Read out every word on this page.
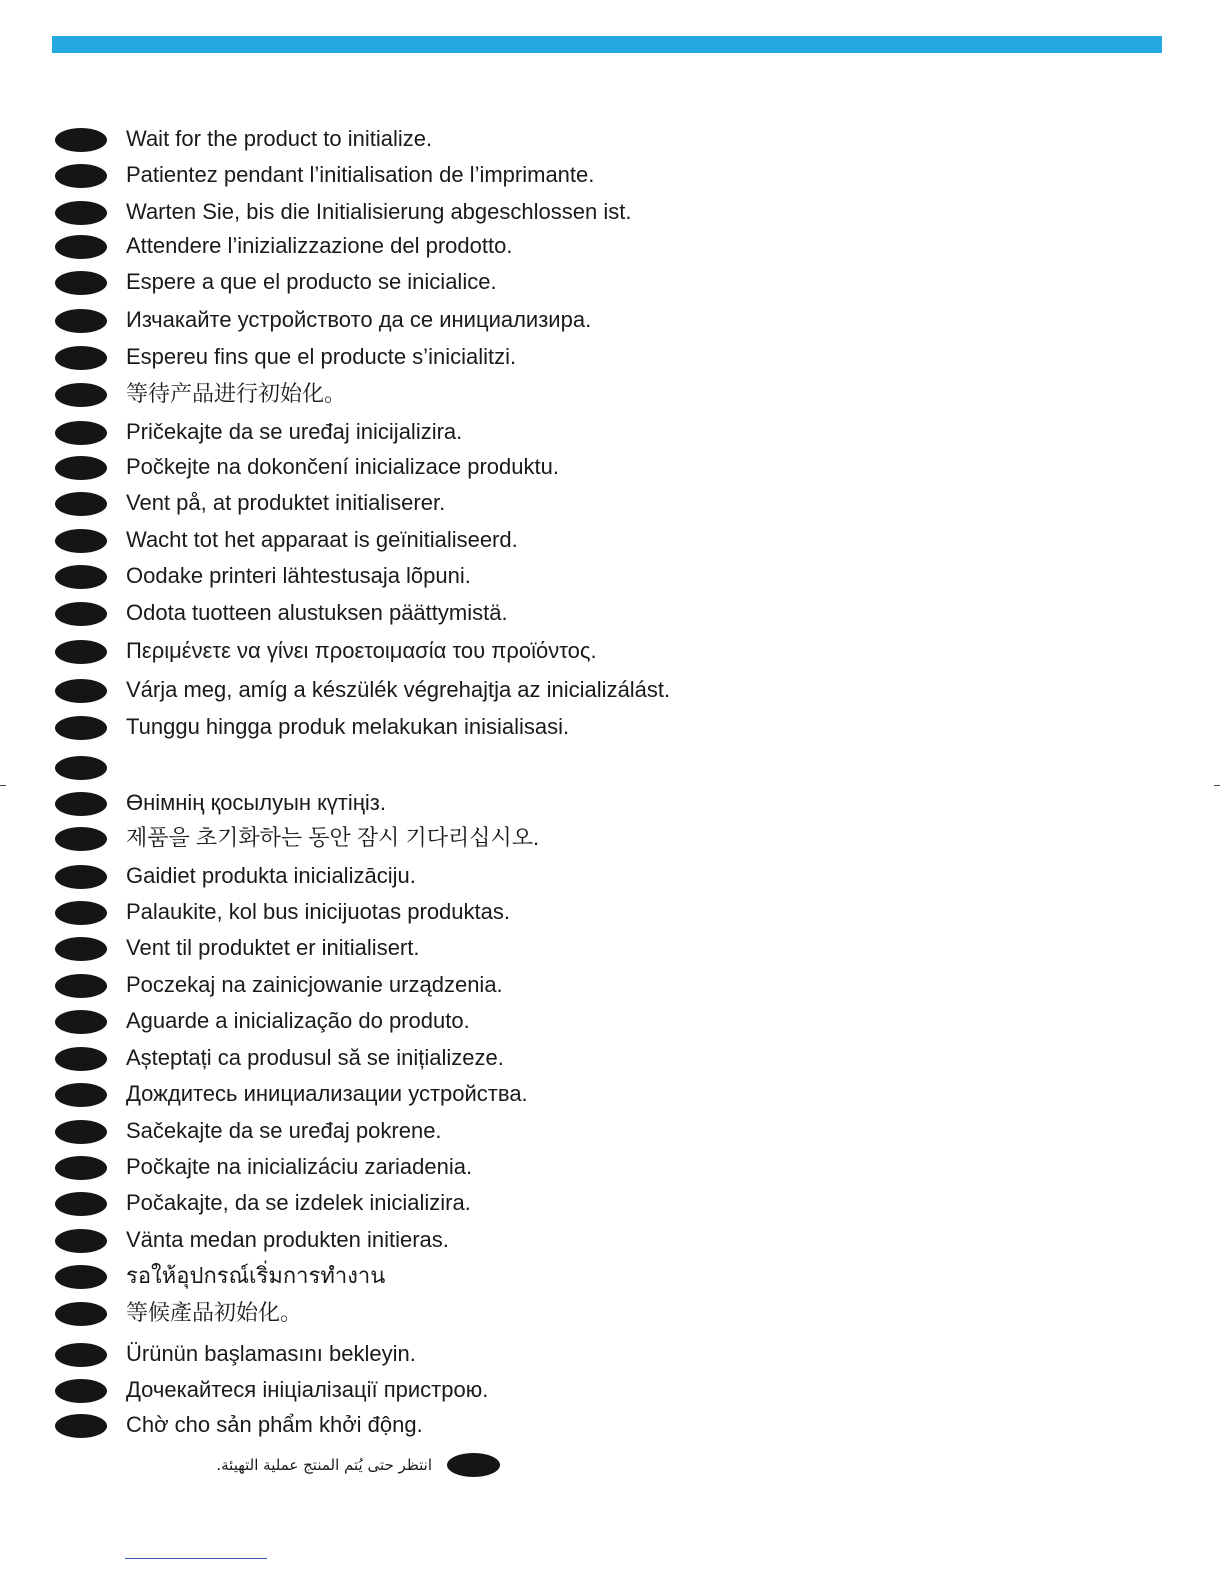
Wait for the product to initialize.
Patientez pendant l’initialisation de l’imprimante.
Warten Sie, bis die Initialisierung abgeschlossen ist.
Attendere l’inizializzazione del prodotto.
Espere a que el producto se inicialice.
Изчакайте устройството да се инициализира.
Espereu fins que el producte s’inicialitzi.
等待产品进行初始化。
Pričekajte da se uređaj inicijalizira.
Počkejte na dokončení inicializace produktu.
Vent på, at produktet initialiserer.
Wacht tot het apparaat is geïnitialiseerd.
Oodake printeri lähtestusaja lõpuni.
Odota tuotteen alustuksen päättymistä.
Περιμένετε να γίνει προετοιμασία του προϊόντος.
Várja meg, amíg a készülék végrehajtja az inicializálást.
Tunggu hingga produk melakukan inisialisasi.
Өнімнің қосылуын күтіңіз.
제품을 초기화하는 동안 잠시 기다리십시오.
Gaidiet produkta inicializāciju.
Palaukite, kol bus inicijuotas produktas.
Vent til produktet er initialisert.
Poczekaj na zainicjowanie urządzenia.
Aguarde a inicialização do produto.
Așteptați ca produsul să se inițializeze.
Дождитесь инициализации устройства.
Sačekajte da se uređaj pokrene.
Počkajte na inicializáciu zariadenia.
Počakajte, da se izdelek inicializira.
Vänta medan produkten initieras.
รอให้อุปกรณ์เริ่มการทำงาน
等候產品初始化。
Ürünün başlamasını bekleyin.
Дочекайтеся ініціалізації пристрою.
Chờ cho sản phẩm khởi động.
انتظر حتى يُتم المنتج عملية التهيئة.
